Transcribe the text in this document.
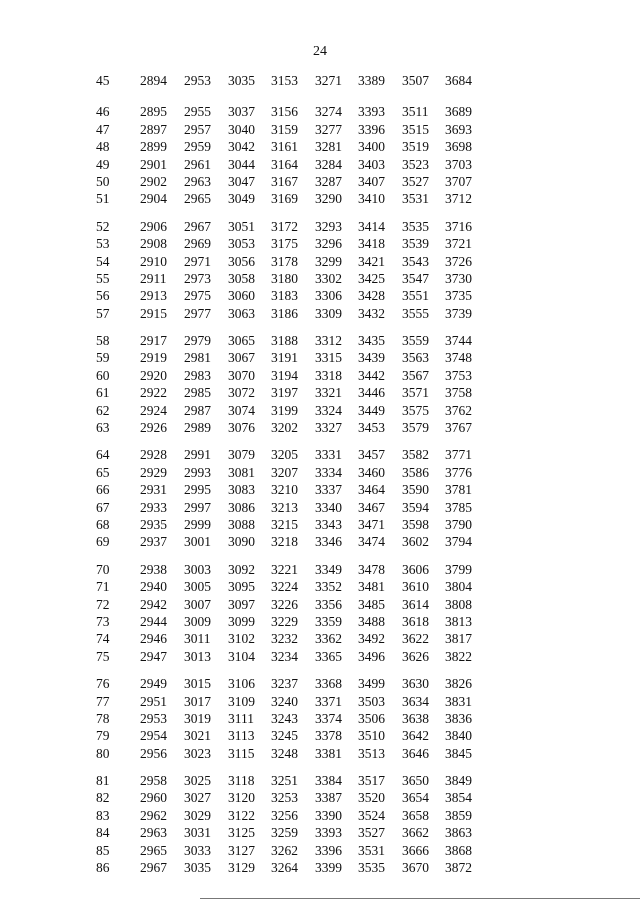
24
45 2894 2953 3035 3153 3271 3389 3507 3684
46 2895 2955 3037 3156 3274 3393 3511 3689
47 2897 2957 3040 3159 3277 3396 3515 3693
48 2899 2959 3042 3161 3281 3400 3519 3698
49 2901 2961 3044 3164 3284 3403 3523 3703
50 2902 2963 3047 3167 3287 3407 3527 3707
51 2904 2965 3049 3169 3290 3410 3531 3712
52 2906 2967 3051 3172 3293 3414 3535 3716
53 2908 2969 3053 3175 3296 3418 3539 3721
54 2910 2971 3056 3178 3299 3421 3543 3726
55 2911 2973 3058 3180 3302 3425 3547 3730
56 2913 2975 3060 3183 3306 3428 3551 3735
57 2915 2977 3063 3186 3309 3432 3555 3739
58 2917 2979 3065 3188 3312 3435 3559 3744
59 2919 2981 3067 3191 3315 3439 3563 3748
60 2920 2983 3070 3194 3318 3442 3567 3753
61 2922 2985 3072 3197 3321 3446 3571 3758
62 2924 2987 3074 3199 3324 3449 3575 3762
63 2926 2989 3076 3202 3327 3453 3579 3767
64 2928 2991 3079 3205 3331 3457 3582 3771
65 2929 2993 3081 3207 3334 3460 3586 3776
66 2931 2995 3083 3210 3337 3464 3590 3781
67 2933 2997 3086 3213 3340 3467 3594 3785
68 2935 2999 3088 3215 3343 3471 3598 3790
69 2937 3001 3090 3218 3346 3474 3602 3794
70 2938 3003 3092 3221 3349 3478 3606 3799
71 2940 3005 3095 3224 3352 3481 3610 3804
72 2942 3007 3097 3226 3356 3485 3614 3808
73 2944 3009 3099 3229 3359 3488 3618 3813
74 2946 3011 3102 3232 3362 3492 3622 3817
75 2947 3013 3104 3234 3365 3496 3626 3822
76 2949 3015 3106 3237 3368 3499 3630 3826
77 2951 3017 3109 3240 3371 3503 3634 3831
78 2953 3019 3111 3243 3374 3506 3638 3836
79 2954 3021 3113 3245 3378 3510 3642 3840
80 2956 3023 3115 3248 3381 3513 3646 3845
81 2958 3025 3118 3251 3384 3517 3650 3849
82 2960 3027 3120 3253 3387 3520 3654 3854
83 2962 3029 3122 3256 3390 3524 3658 3859
84 2963 3031 3125 3259 3393 3527 3662 3863
85 2965 3033 3127 3262 3396 3531 3666 3868
86 2967 3035 3129 3264 3399 3535 3670 3872
